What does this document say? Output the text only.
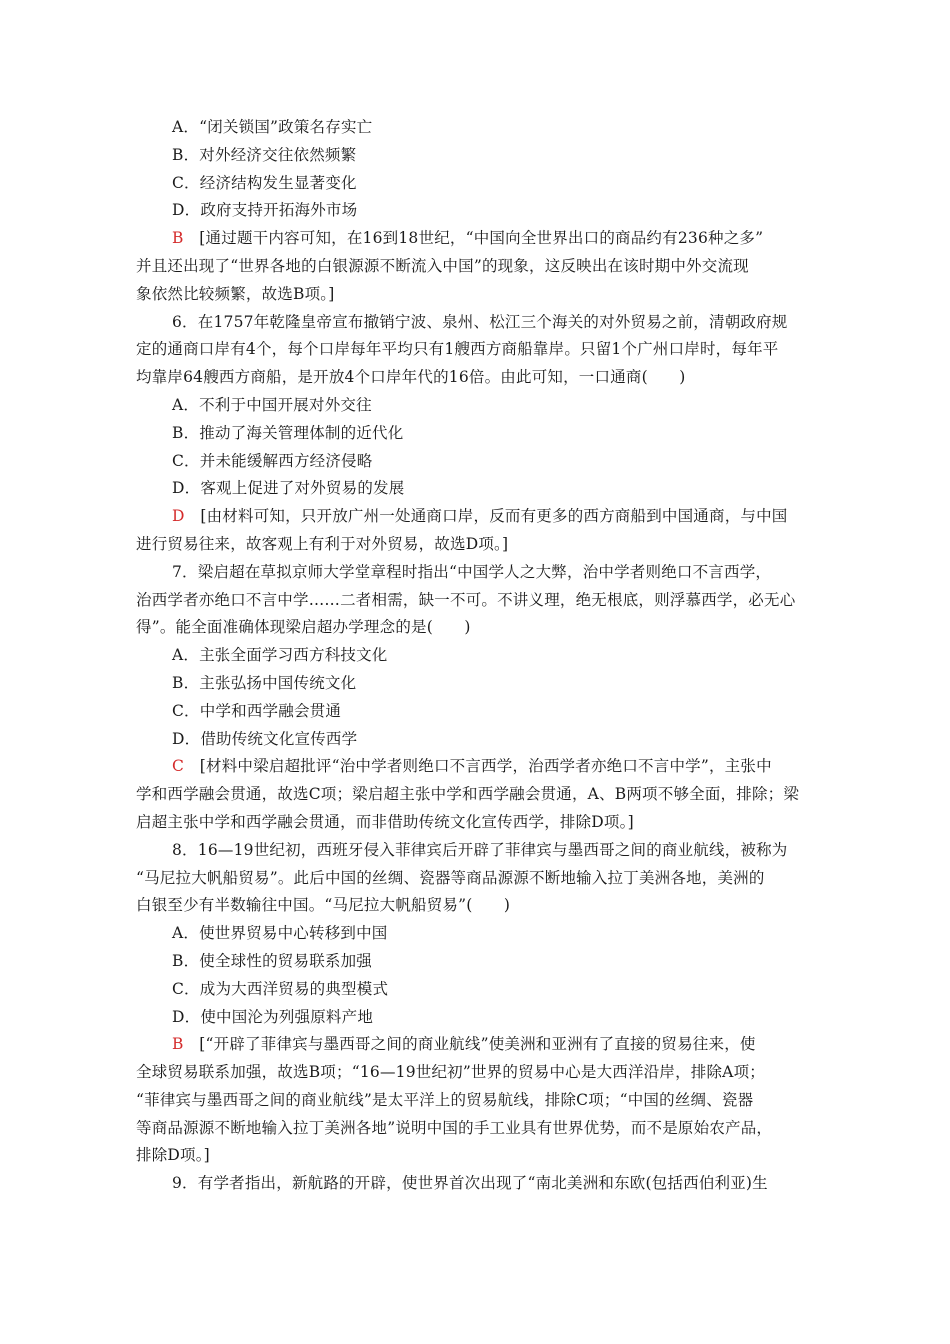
A．“闭关锁国”政策名存实亡
B．对外经济交往依然频繁
C．经济结构发生显著变化
D．政府支持开拓海外市场
B　 [通过题干内容可知，在16到18世纪，“中国向全世界出口的商品约有236种之多”
并且还出现了“世界各地的白银源源不断流入中国”的现象，这反映出在该时期中外交流现
象依然比较频繁，故选B项。]
6．在1757年乾隆皇帝宣布撤销宁波、泉州、松江三个海关的对外贸易之前，清朝政府规
定的通商口岸有4个，每个口岸每年平均只有1艘西方商船靠岸。只留1个广州口岸时，每年平
均靠岸64艘西方商船，是开放4个口岸年代的16倍。由此可知，一口通商(　　)
A．不利于中国开展对外交往
B．推动了海关管理体制的近代化
C．并未能缓解西方经济侵略
D．客观上促进了对外贸易的发展
D　 [由材料可知，只开放广州一处通商口岸，反而有更多的西方商船到中国通商，与中国
进行贸易往来，故客观上有利于对外贸易，故选D项。]
7．梁启超在草拟京师大学堂章程时指出“中国学人之大弊，治中学者则绝口不言西学，
治西学者亦绝口不言中学……二者相需，缺一不可。不讲义理，绝无根底，则浮慕西学，必无心
得”。能全面准确体现梁启超办学理念的是(　　)
A．主张全面学习西方科技文化
B．主张弘扬中国传统文化
C．中学和西学融会贯通
D．借助传统文化宣传西学
C　 [材料中梁启超批评“治中学者则绝口不言西学，治西学者亦绝口不言中学”，主张中
学和西学融会贯通，故选C项；梁启超主张中学和西学融会贯通，A、B两项不够全面，排除；梁
启超主张中学和西学融会贯通，而非借助传统文化宣传西学，排除D项。]
8．16—19世纪初，西班牙侵入菲律宾后开辟了菲律宾与墨西哥之间的商业航线，被称为
“马尼拉大帆船贸易”。此后中国的丝绸、瓷器等商品源源不断地输入拉丁美洲各地，美洲的
白银至少有半数输往中国。“马尼拉大帆船贸易”(　　)
A．使世界贸易中心转移到中国
B．使全球性的贸易联系加强
C．成为大西洋贸易的典型模式
D．使中国沦为列强原料产地
B　 [“开辟了菲律宾与墨西哥之间的商业航线”使美洲和亚洲有了直接的贸易往来，使
全球贸易联系加强，故选B项；“16—19世纪初”世界的贸易中心是大西洋沿岸，排除A项；
“菲律宾与墨西哥之间的商业航线”是太平洋上的贸易航线，排除C项；“中国的丝绸、瓷器
等商品源源不断地输入拉丁美洲各地”说明中国的手工业具有世界优势，而不是原始农产品，
排除D项。]
9．有学者指出，新航路的开辟，使世界首次出现了“南北美洲和东欧(包括西伯利亚)生
